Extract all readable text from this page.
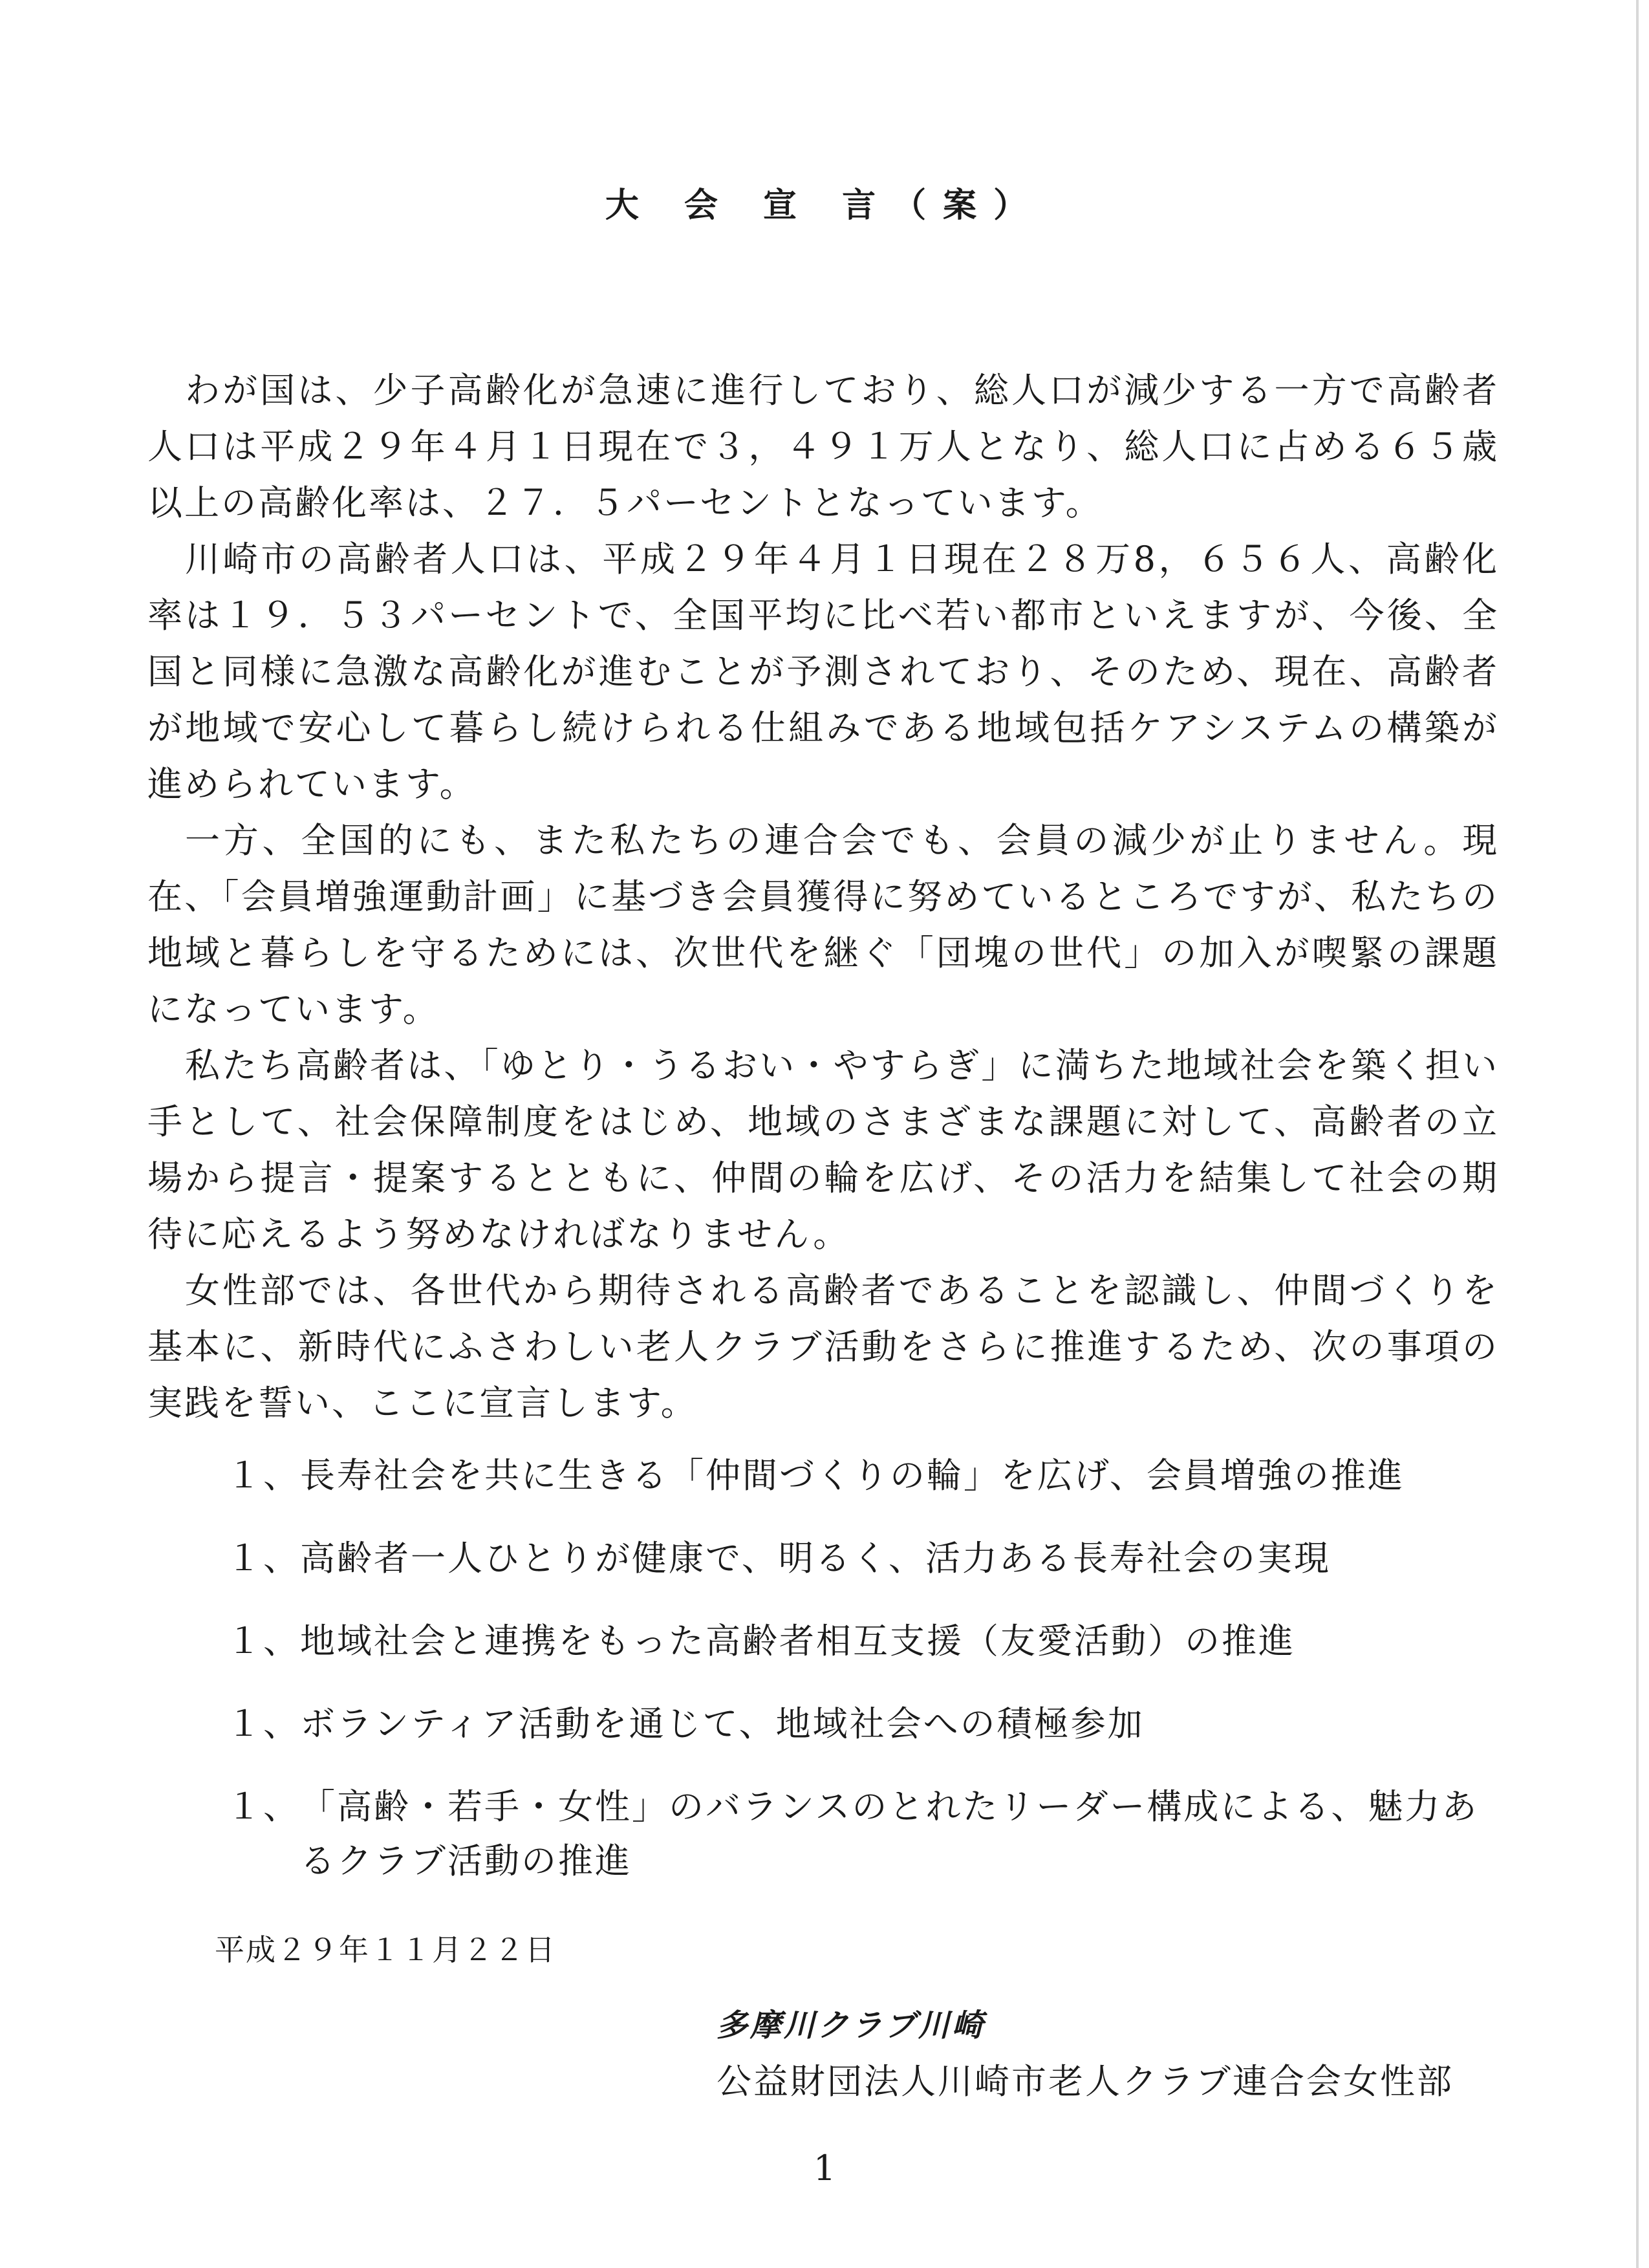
大 会 宣 言（案）

わが国は、少子高齢化が急速に進行しており、総人口が減少する一方で高齢者人口は平成２９年４月１日現在で３，４９１万人となり、総人口に占める６５歳以上の高齢化率は、２７．５パーセントとなっています。

川崎市の高齢者人口は、平成２９年４月１日現在２８万8，６５６人、高齢化率は１９．５３パーセントで、全国平均に比べ若い都市といえますが、今後、全国と同様に急激な高齢化が進むことが予測されており、そのため、現在、高齢者が地域で安心して暮らし続けられる仕組みである地域包括ケアシステムの構築が進められています。

一方、全国的にも、また私たちの連合会でも、会員の減少が止りません。現在、「会員増強運動計画」に基づき会員獲得に努めているところですが、私たちの地域と暮らしを守るためには、次世代を継ぐ「団塊の世代」の加入が喫緊の課題になっています。

私たち高齢者は、「ゆとり・うるおい・やすらぎ」に満ちた地域社会を築く担い手として、社会保障制度をはじめ、地域のさまざまな課題に対して、高齢者の立場から提言・提案するとともに、仲間の輪を広げ、その活力を結集して社会の期待に応えるよう努めなければなりません。

女性部では、各世代から期待される高齢者であることを認識し、仲間づくりを基本に、新時代にふさわしい老人クラブ活動をさらに推進するため、次の事項の実践を誓い、ここに宣言します。

１、 長寿社会を共に生きる「仲間づくりの輪」を広げ、会員増強の推進
１、 高齢者一人ひとりが健康で、明るく、活力ある長寿社会の実現
１、 地域社会と連携をもった高齢者相互支援（友愛活動）の推進
１、 ボランティア活動を通じて、地域社会への積極参加
１、 「高齢・若手・女性」のバランスのとれたリーダー構成による、魅力あるクラブ活動の推進
平成２９年１１月２２日
多摩川クラブ川崎
公益財団法人川崎市老人クラブ連合会女性部
1
